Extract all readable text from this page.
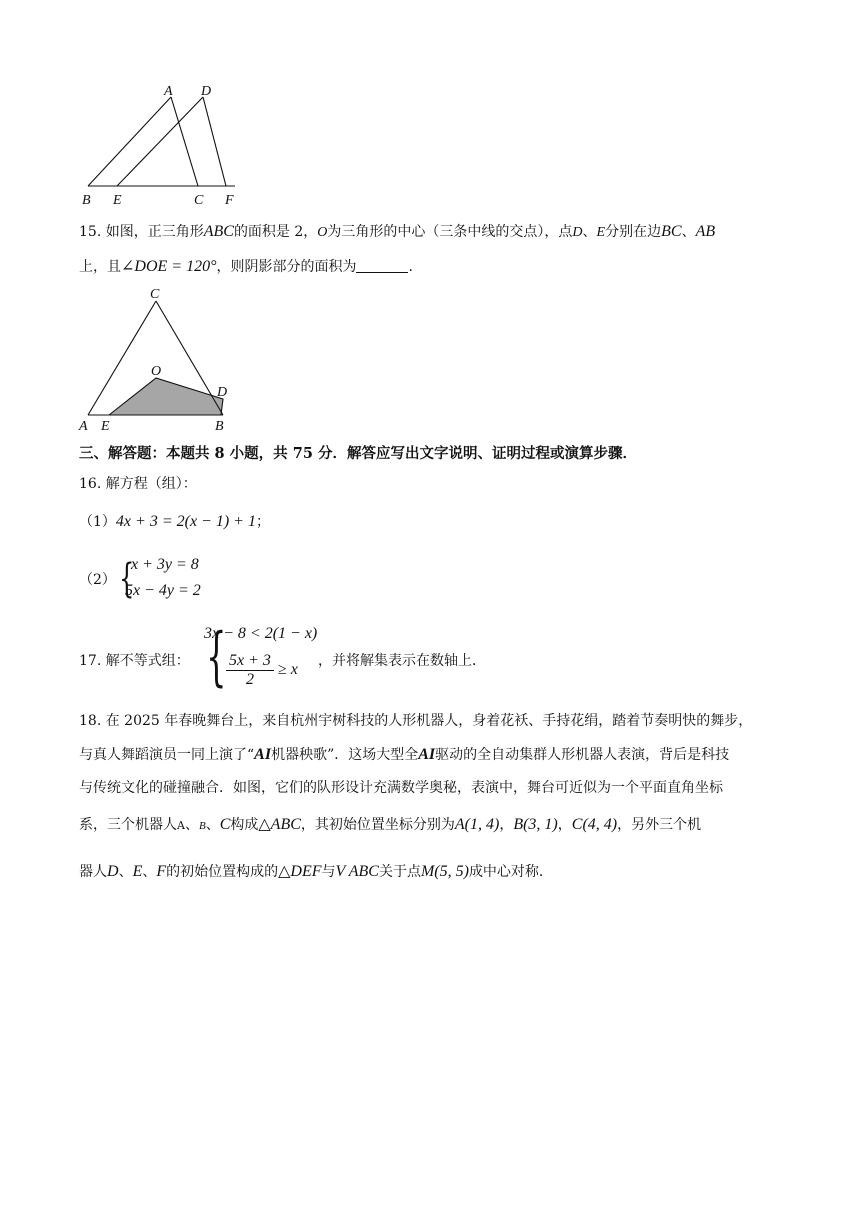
A D
B E	C F
15. 如图，正三角形ABC的面积是 2，O为三角形的中心（三条中线的交点），点D、E分别在边BC、AB
上，且∠DOE = 120°，则阴影部分的面积为	.
C
O
D
A E	B
三、解答题：本题共 8 小题，共 75 分．解答应写出文字说明、证明过程或演算步骤．
16. 解方程（组）：
（1）4x + 3 = 2(x − 1) + 1；
（2） {
x + 3y = 8
5x − 4y = 2
17. 解不等式组： {
3x − 8 < 2(1 − x)
$\frac{5x + 3}{2} \ge x$
，并将解集表示在数轴上．
18. 在 2025 年春晚舞台上，来自杭州宇树科技的人形机器人，身着花袄、手持花绢，踏着节奏明快的舞步，
与真人舞蹈演员一同上演了“AI机器秧歌”．这场大型全AI驱动的全自动集群人形机器人表演，背后是科技
与传统文化的碰撞融合．如图，它们的队形设计充满数学奥秘，表演中，舞台可近似为一个平面直角坐标
系，三个机器人A、B、C构成△ABC，其初始位置坐标分别为A(1, 4)，B(3, 1)，C(4, 4)，另外三个机
器人D、E、F的初始位置构成的△DEF与V ABC关于点M(5, 5)成中心对称．
